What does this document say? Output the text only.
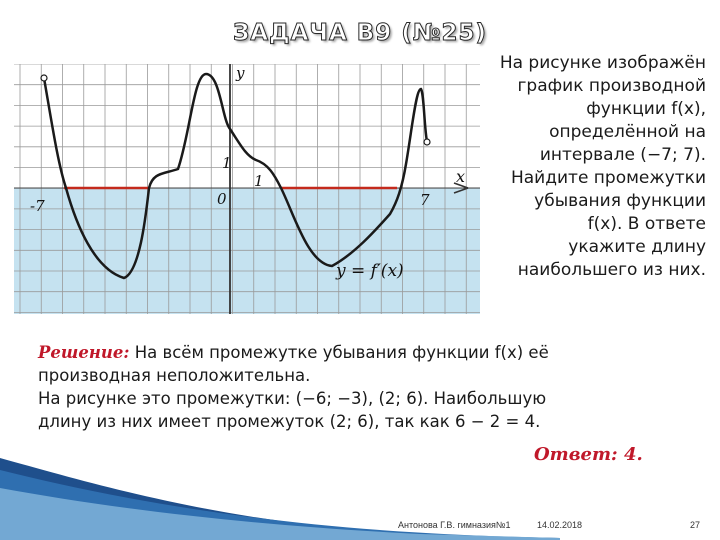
ЗАДАЧА B9 (№25)
y
x
0
1
1
-7	7
y = f′(x)
На рисунке изображён
график производной
функции f(x),
определённой на
интервале (−7; 7).
Найдите промежутки
убывания функции
f(x). В ответе
укажите длину
наибольшего из них.
Решение: На всём промежутке убывания функции f(x) её
производная неположительна.
На рисунке это промежутки: (−6; −3), (2; 6). Наибольшую
длину из них имеет промежуток (2; 6), так как 6 − 2 = 4.
Ответ: 4.
Антонова Г.В. гимназия№1	14.02.2018	27
